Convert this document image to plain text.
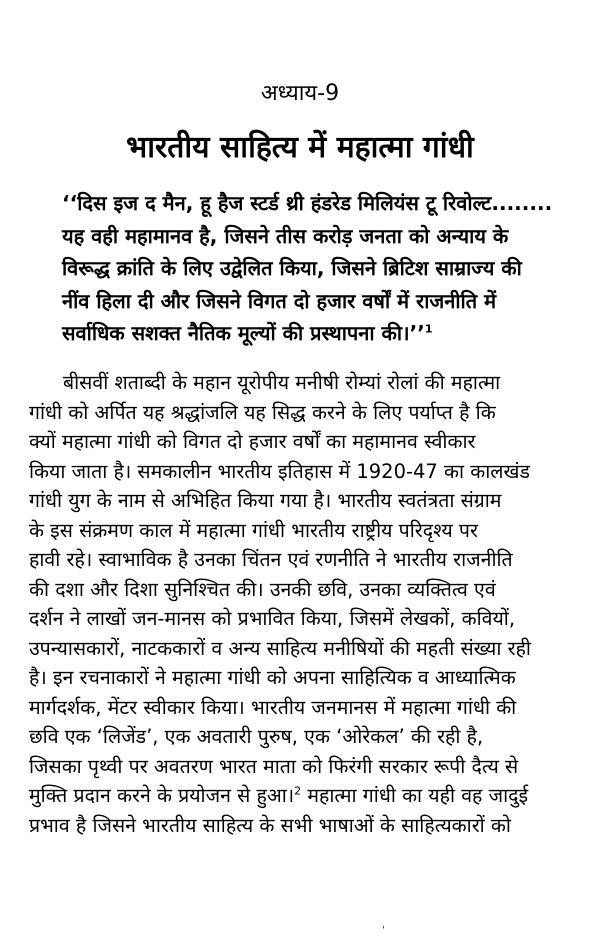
अध्याय-9
भारतीय साहित्य में महात्मा गांधी
‘‘दिस इज द मैन, हू हैज स्टर्ड थ्री हंडरेड मिलियंस टू रिवोल्ट........
यह वही महामानव है, जिसने तीस करोड़ जनता को अन्याय के
विरूद्ध क्रांति के लिए उद्वेलित किया, जिसने ब्रिटिश साम्राज्य की
नींव हिला दी और जिसने विगत दो हजार वर्षों में राजनीति में
सर्वाधिक सशक्त नैतिक मूल्यों की प्रस्थापना की।’’$^1$
बीसवीं शताब्दी के महान यूरोपीय मनीषी रोम्यां रोलां की महात्मा
गांधी को अर्पित यह श्रद्धांजलि यह सिद्ध करने के लिए पर्याप्त है कि
क्यों महात्मा गांधी को विगत दो हजार वर्षों का महामानव स्वीकार
किया जाता है। समकालीन भारतीय इतिहास में 1920-47 का कालखंड
गांधी युग के नाम से अभिहित किया गया है। भारतीय स्वतंत्रता संग्राम
के इस संक्रमण काल में महात्मा गांधी भारतीय राष्ट्रीय परिदृश्य पर
हावी रहे। स्वाभाविक है उनका चिंतन एवं रणनीति ने भारतीय राजनीति
की दशा और दिशा सुनिश्चित की। उनकी छवि, उनका व्यक्तित्व एवं
दर्शन ने लाखों जन-मानस को प्रभावित किया, जिसमें लेखकों, कवियों,
उपन्यासकारों, नाटककारों व अन्य साहित्य मनीषियों की महती संख्या रही
है। इन रचनाकारों ने महात्मा गांधी को अपना साहित्यिक व आध्यात्मिक
मार्गदर्शक, मेंटर स्वीकार किया। भारतीय जनमानस में महात्मा गांधी की
छवि एक ‘लिजेंड’, एक अवतारी पुरुष, एक ‘ओरेकल’ की रही है,
जिसका पृथ्वी पर अवतरण भारत माता को फिरंगी सरकार रूपी दैत्य से
मुक्ति प्रदान करने के प्रयोजन से हुआ।$^2$ महात्मा गांधी का यही वह जादुई
प्रभाव है जिसने भारतीय साहित्य के सभी भाषाओं के साहित्यकारों को
ˌ
